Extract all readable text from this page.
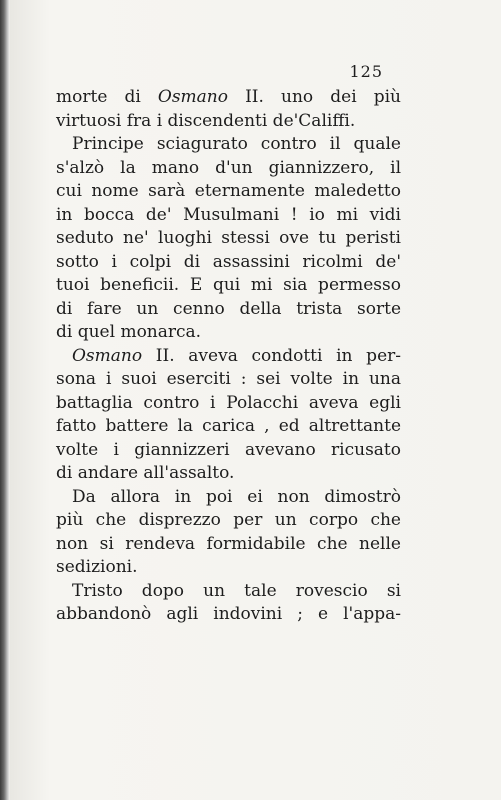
125
morte di Osmano II. uno dei più
virtuosi fra i discendenti de'Califfi.
Principe sciagurato contro il quale
s'alzò la mano d'un giannizzero, il
cui nome sarà eternamente maledetto
in bocca de' Musulmani ! io mi vidi
seduto ne' luoghi stessi ove tu peristi
sotto i colpi di assassini ricolmi de'
tuoi beneficii. E qui mi sia permesso
di fare un cenno della trista sorte
di quel monarca.
Osmano II. aveva condotti in per-
sona i suoi eserciti : sei volte in una
battaglia contro i Polacchi aveva egli
fatto battere la carica , ed altrettante
volte i giannizzeri avevano ricusato
di andare all'assalto.
Da allora in poi ei non dimostrò
più che disprezzo per un corpo che
non si rendeva formidabile che nelle
sedizioni.
Tristo dopo un tale rovescio si
abbandonò agli indovini ; e l'appa-
